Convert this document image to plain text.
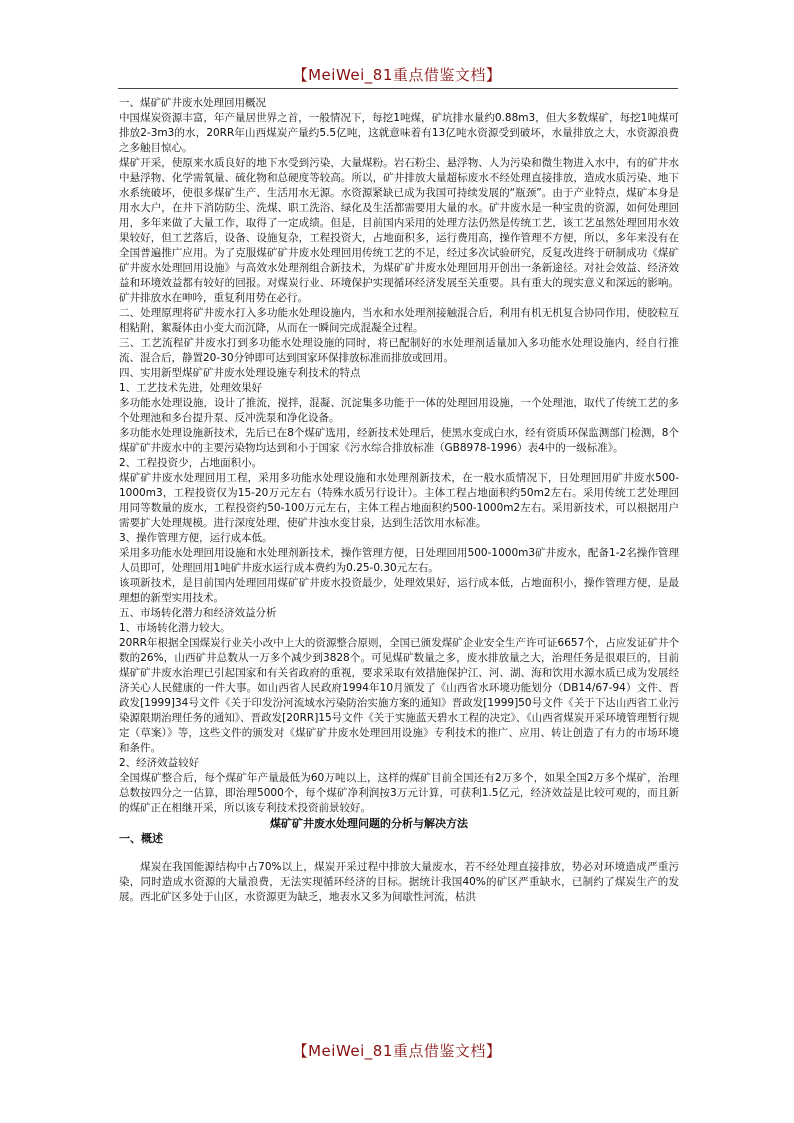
【MeiWei_81重点借鉴文档】

一、煤矿矿井废水处理回用概况

中国煤炭资源丰富，年产量居世界之首，一般情况下，每挖1吨煤，矿坑排水量约0.88m3，但大多数煤矿，每挖1吨煤可排放2-3m3的水，20RR年山西煤炭产量约5.5亿吨，这就意味着有13亿吨水资源受到破坏，水量排放之大，水资源浪费之多触目惊心。

煤矿开采，使原来水质良好的地下水受到污染，大量煤粉。岩石粉尘、悬浮物、人为污染和微生物进入水中，有的矿井水中悬浮物、化学需氧量、硫化物和总硬度等较高。所以，矿井排放大量超标废水不经处理直接排放，造成水质污染、地下水系统破坏，使很多煤矿生产、生活用水无源。水资源紧缺已成为我国可持续发展的“瓶颈”。由于产业特点，煤矿本身是用水大户，在井下消防防尘、洗煤、职工洗浴、绿化及生活都需要用大量的水。矿井废水是一种宝贵的资源，如何处理回用，多年来做了大量工作，取得了一定成绩。但是，目前国内采用的处理方法仍然是传统工艺，该工艺虽然处理回用水效果较好，但工艺落后，设备、设施复杂，工程投资大，占地面积多，运行费用高，操作管理不方便，所以，多年来没有在全国普遍推广应用。为了克服煤矿矿井废水处理回用传统工艺的不足，经过多次试验研究，反复改进终于研制成功《煤矿矿井废水处理回用设施》与高效水处理剂组合新技术，为煤矿矿井废水处理回用开创出一条新途径。对社会效益、经济效益和环境效益都有较好的回报。对煤炭行业、环境保护实现循环经济发展至关重要。具有重大的现实意义和深远的影响。矿井排放水在呻吟，重复利用势在必行。

二、处理原理将矿井废水打入多功能水处理设施内，当水和水处理剂接触混合后，利用有机无机复合协同作用，使胶粒互相粘附，絮凝体由小变大而沉降，从而在一瞬间完成混凝全过程。

三、工艺流程矿井废水打到多功能水处理设施的同时，将已配制好的水处理剂适量加入多功能水处理设施内，经自行推流、混合后，静置20-30分钟即可达到国家环保排放标准而排放或回用。

四、实用新型煤矿矿井废水处理设施专利技术的特点

1、工艺技术先进，处理效果好

多功能水处理设施，设计了推流，搅拌，混凝、沉淀集多功能于一体的处理回用设施，一个处理池，取代了传统工艺的多个处理池和多台提升泵、反冲洗泵和净化设备。

多功能水处理设施新技术，先后已在8个煤矿选用，经新技术处理后，使黑水变成白水，经有资质环保监测部门检测，8个煤矿矿井废水中的主要污染物均达到和小于国家《污水综合排放标准（GB8978-1996）表4中的一级标准》。

2、工程投资少，占地面积小。

煤矿矿井废水处理回用工程，采用多功能水处理设施和水处理剂新技术，在一般水质情况下，日处理回用矿井废水500-1000m3，工程投资仅为15-20万元左右（特殊水质另行设计）。主体工程占地面积约50m2左右。采用传统工艺处理回用同等数量的废水，工程投资约50-100万元左右，主体工程占地面积约500-1000m2左右。采用新技术，可以根据用户需要扩大处理规模。进行深度处理，使矿井浊水变甘泉，达到生活饮用水标准。

3、操作管理方便，运行成本低。

采用多功能水处理回用设施和水处理剂新技术，操作管理方便，日处理回用500-1000m3矿井废水，配备1-2名操作管理人员即可，处理回用1吨矿井废水运行成本费约为0.25-0.30元左右。

该项新技术，是目前国内处理回用煤矿矿井废水投资最少，处理效果好，运行成本低，占地面积小，操作管理方便，是最理想的新型实用技术。

五、市场转化潜力和经济效益分析

1、市场转化潜力较大。

20RR年根据全国煤炭行业关小改中上大的资源整合原则，全国已颁发煤矿企业安全生产许可证6657个，占应发证矿井个数的26%，山西矿井总数从一万多个减少到3828个。可见煤矿数量之多，废水排放量之大，治理任务是很艰巨的，目前煤矿矿井废水治理已引起国家和有关省政府的重视，要求采取有效措施保护江、河、湖、海和饮用水源水质已成为发展经济关心人民健康的一件大事。如山西省人民政府1994年10月颁发了《山西省水环境功能划分（DB14/67-94）文件、晋政发[1999]34号文件《关于印发汾河流域水污染防治实施方案的通知》晋政发[1999]50号文件《关于下达山西省工业污染源限期治理任务的通知》、晋政发[20RR]15号文件《关于实施蓝天碧水工程的决定》、《山西省煤炭开采环境管理暂行规定（草案）》等，这些文件的颁发对《煤矿矿井废水处理回用设施》专利技术的推广、应用、转让创造了有力的市场环境和条件。

2、经济效益较好

全国煤矿整合后，每个煤矿年产量最低为60万吨以上，这样的煤矿目前全国还有2万多个，如果全国2万多个煤矿，治理总数按四分之一估算，即治理5000个，每个煤矿净利润按3万元计算，可获利1.5亿元，经济效益是比较可观的，而且新的煤矿正在相继开采，所以该专利技术投资前景较好。

煤矿矿井废水处理问题的分析与解决方法

一、概述

煤炭在我国能源结构中占70%以上，煤炭开采过程中排放大量废水，若不经处理直接排放，势必对环境造成严重污染，同时造成水资源的大量浪费，无法实现循环经济的目标。据统计我国40%的矿区严重缺水，已制约了煤炭生产的发展。西北矿区多处于山区，水资源更为缺乏，地表水又多为间歇性河流，枯洪

【MeiWei_81重点借鉴文档】
